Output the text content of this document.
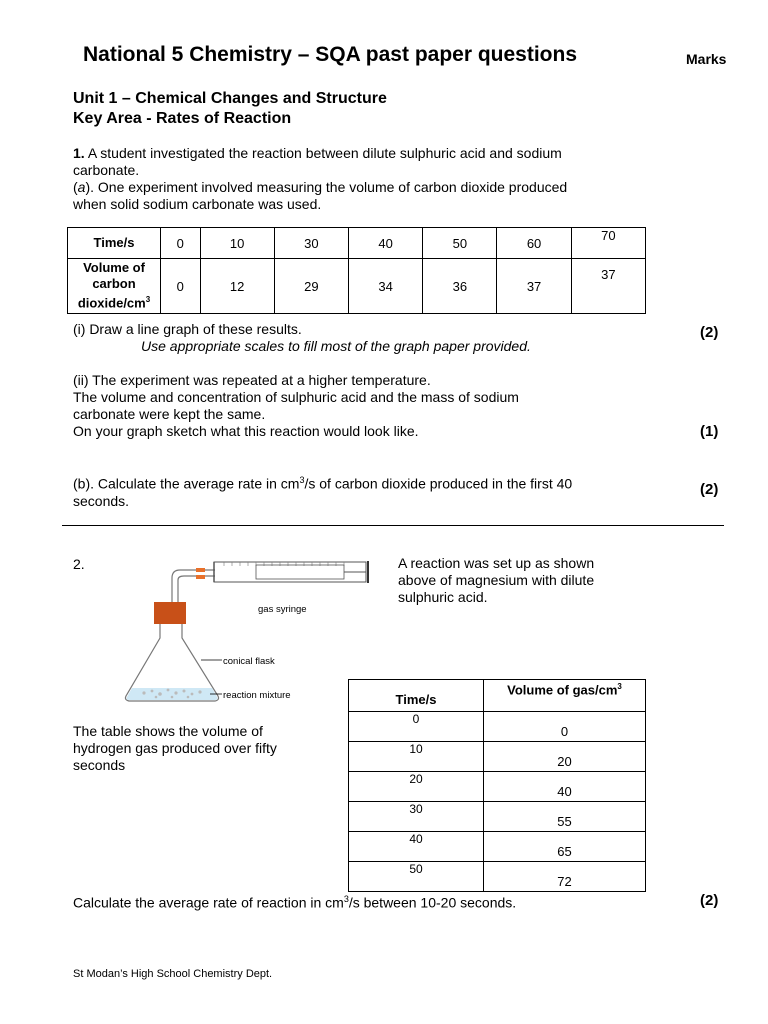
National 5 Chemistry – SQA past paper questions	Marks
Unit 1 – Chemical Changes and Structure
Key Area - Rates of Reaction
1. A student investigated the reaction between dilute sulphuric acid and sodium
carbonate.
(a). One experiment involved measuring the volume of carbon dioxide produced
when solid sodium carbonate was used.
Time/s	0	10	30	40	50	60	70

Volume of
carbon
dioxide/$cm^3$	0	12	29	34	36	37	37
(i) Draw a line graph of these results.
Use appropriate scales to fill most of the graph paper provided.
(2)
(ii) The experiment was repeated at a higher temperature.
The volume and concentration of sulphuric acid and the mass of sodium
carbonate were kept the same.
On your graph sketch what this reaction would look like.	(1)
(b). Calculate the average rate in $cm^3/s$ of carbon dioxide produced in the first 40
seconds.
(2)
2.
gas syringe
conical flask
reaction mixture
A reaction was set up as shown
above of magnesium with dilute
sulphuric acid.
The table shows the volume of
hydrogen gas produced over fifty
seconds
Time/s	Volume of gas/$cm^3$
0	0
10	20
20	40
30	55
40	65
50	72
Calculate the average rate of reaction in $cm^3/s$ between 10-20 seconds.	(2)
St Modan’s High School Chemistry Dept.
